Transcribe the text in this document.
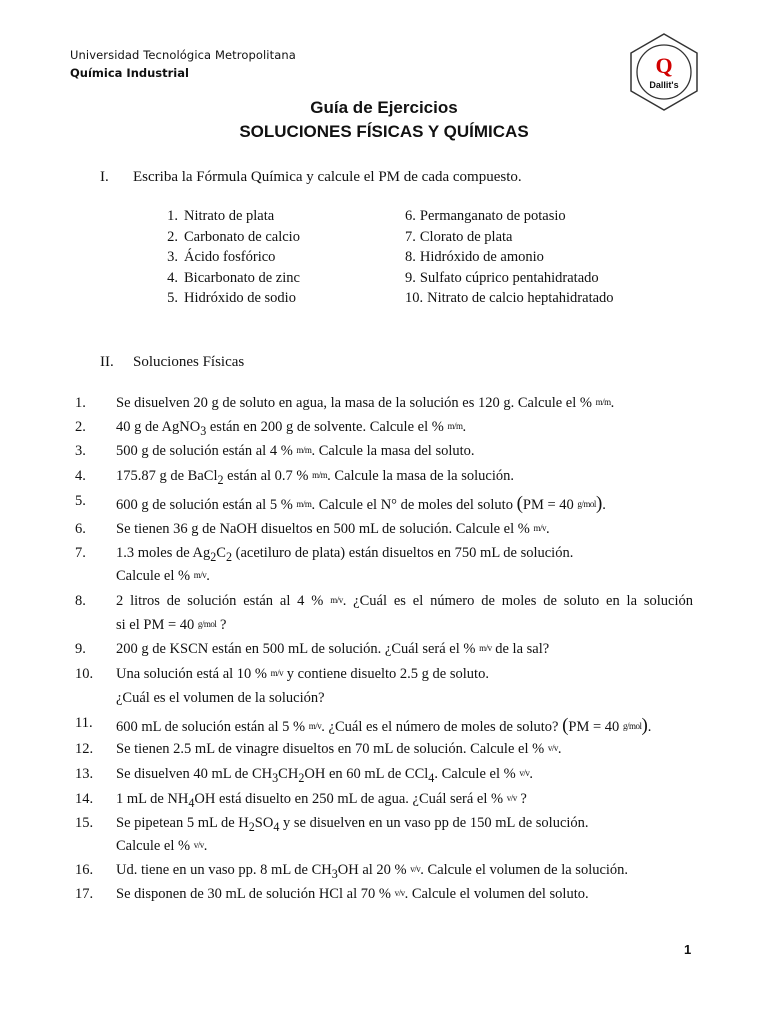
Universidad Tecnológica Metropolitana
Química Industrial	Q
Dallit's
Guía de Ejercicios
SOLUCIONES FÍSICAS Y QUÍMICAS
I. Escriba la Fórmula Química y calcule el PM de cada compuesto.
1. Nitrato de plata
2. Carbonato de calcio
3. Ácido fosfórico
4. Bicarbonato de zinc
5. Hidróxido de sodio
6. Permanganato de potasio
7. Clorato de plata
8. Hidróxido de amonio
9. Sulfato cúprico pentahidratado
10. Nitrato de calcio heptahidratado
II. Soluciones Físicas
1. Se disuelven 20 g de soluto en agua, la masa de la solución es 120 g. Calcule el % m/m.
2. 40 g de AgNO$_3$ están en 200 g de solvente. Calcule el % m/m.
3. 500 g de solución están al 4 % m/m. Calcule la masa del soluto.
4. 175.87 g de BaCl$_2$ están al 0.7 % m/m. Calcule la masa de la solución.
5. 600 g de solución están al 5 % m/m. Calcule el N° de moles del soluto (PM = 40 g/mol).
6. Se tienen 36 g de NaOH disueltos en 500 mL de solución. Calcule el % m/v.
7. 1.3 moles de $Ag_2C_2$ (acetiluro de plata) están disueltos en 750 mL de solución.
Calcule el % m/v.
8. 2 litros de solución están al 4 % m/v. ¿Cuál es el número de moles de soluto en la solución
si el PM = 40 g/mol ?
9. 200 g de KSCN están en 500 mL de solución. ¿Cuál será el % m/v de la sal?
10. Una solución está al 10 % m/v y contiene disuelto 2.5 g de soluto.
¿Cuál es el volumen de la solución?
11. 600 mL de solución están al 5 % m/v. ¿Cuál es el número de moles de soluto? (PM = 40 g/mol).
12. Se tienen 2.5 mL de vinagre disueltos en 70 mL de solución. Calcule el % v/v.
13. Se disuelven 40 mL de $CH_3CH_2OH$ en 60 mL de CCl$_4$. Calcule el % v/v.
14. 1 mL de $NH_4OH$ está disuelto en 250 mL de agua. ¿Cuál será el % v/v ?
15. Se pipetean 5 mL de $H_2SO_4$ y se disuelven en un vaso pp de 150 mL de solución.
Calcule el % v/v.
16. Ud. tiene en un vaso pp. 8 mL de $CH_3OH$ al 20 % v/v. Calcule el volumen de la solución.
17. Se disponen de 30 mL de solución HCl al 70 % v/v. Calcule el volumen del soluto.
1
